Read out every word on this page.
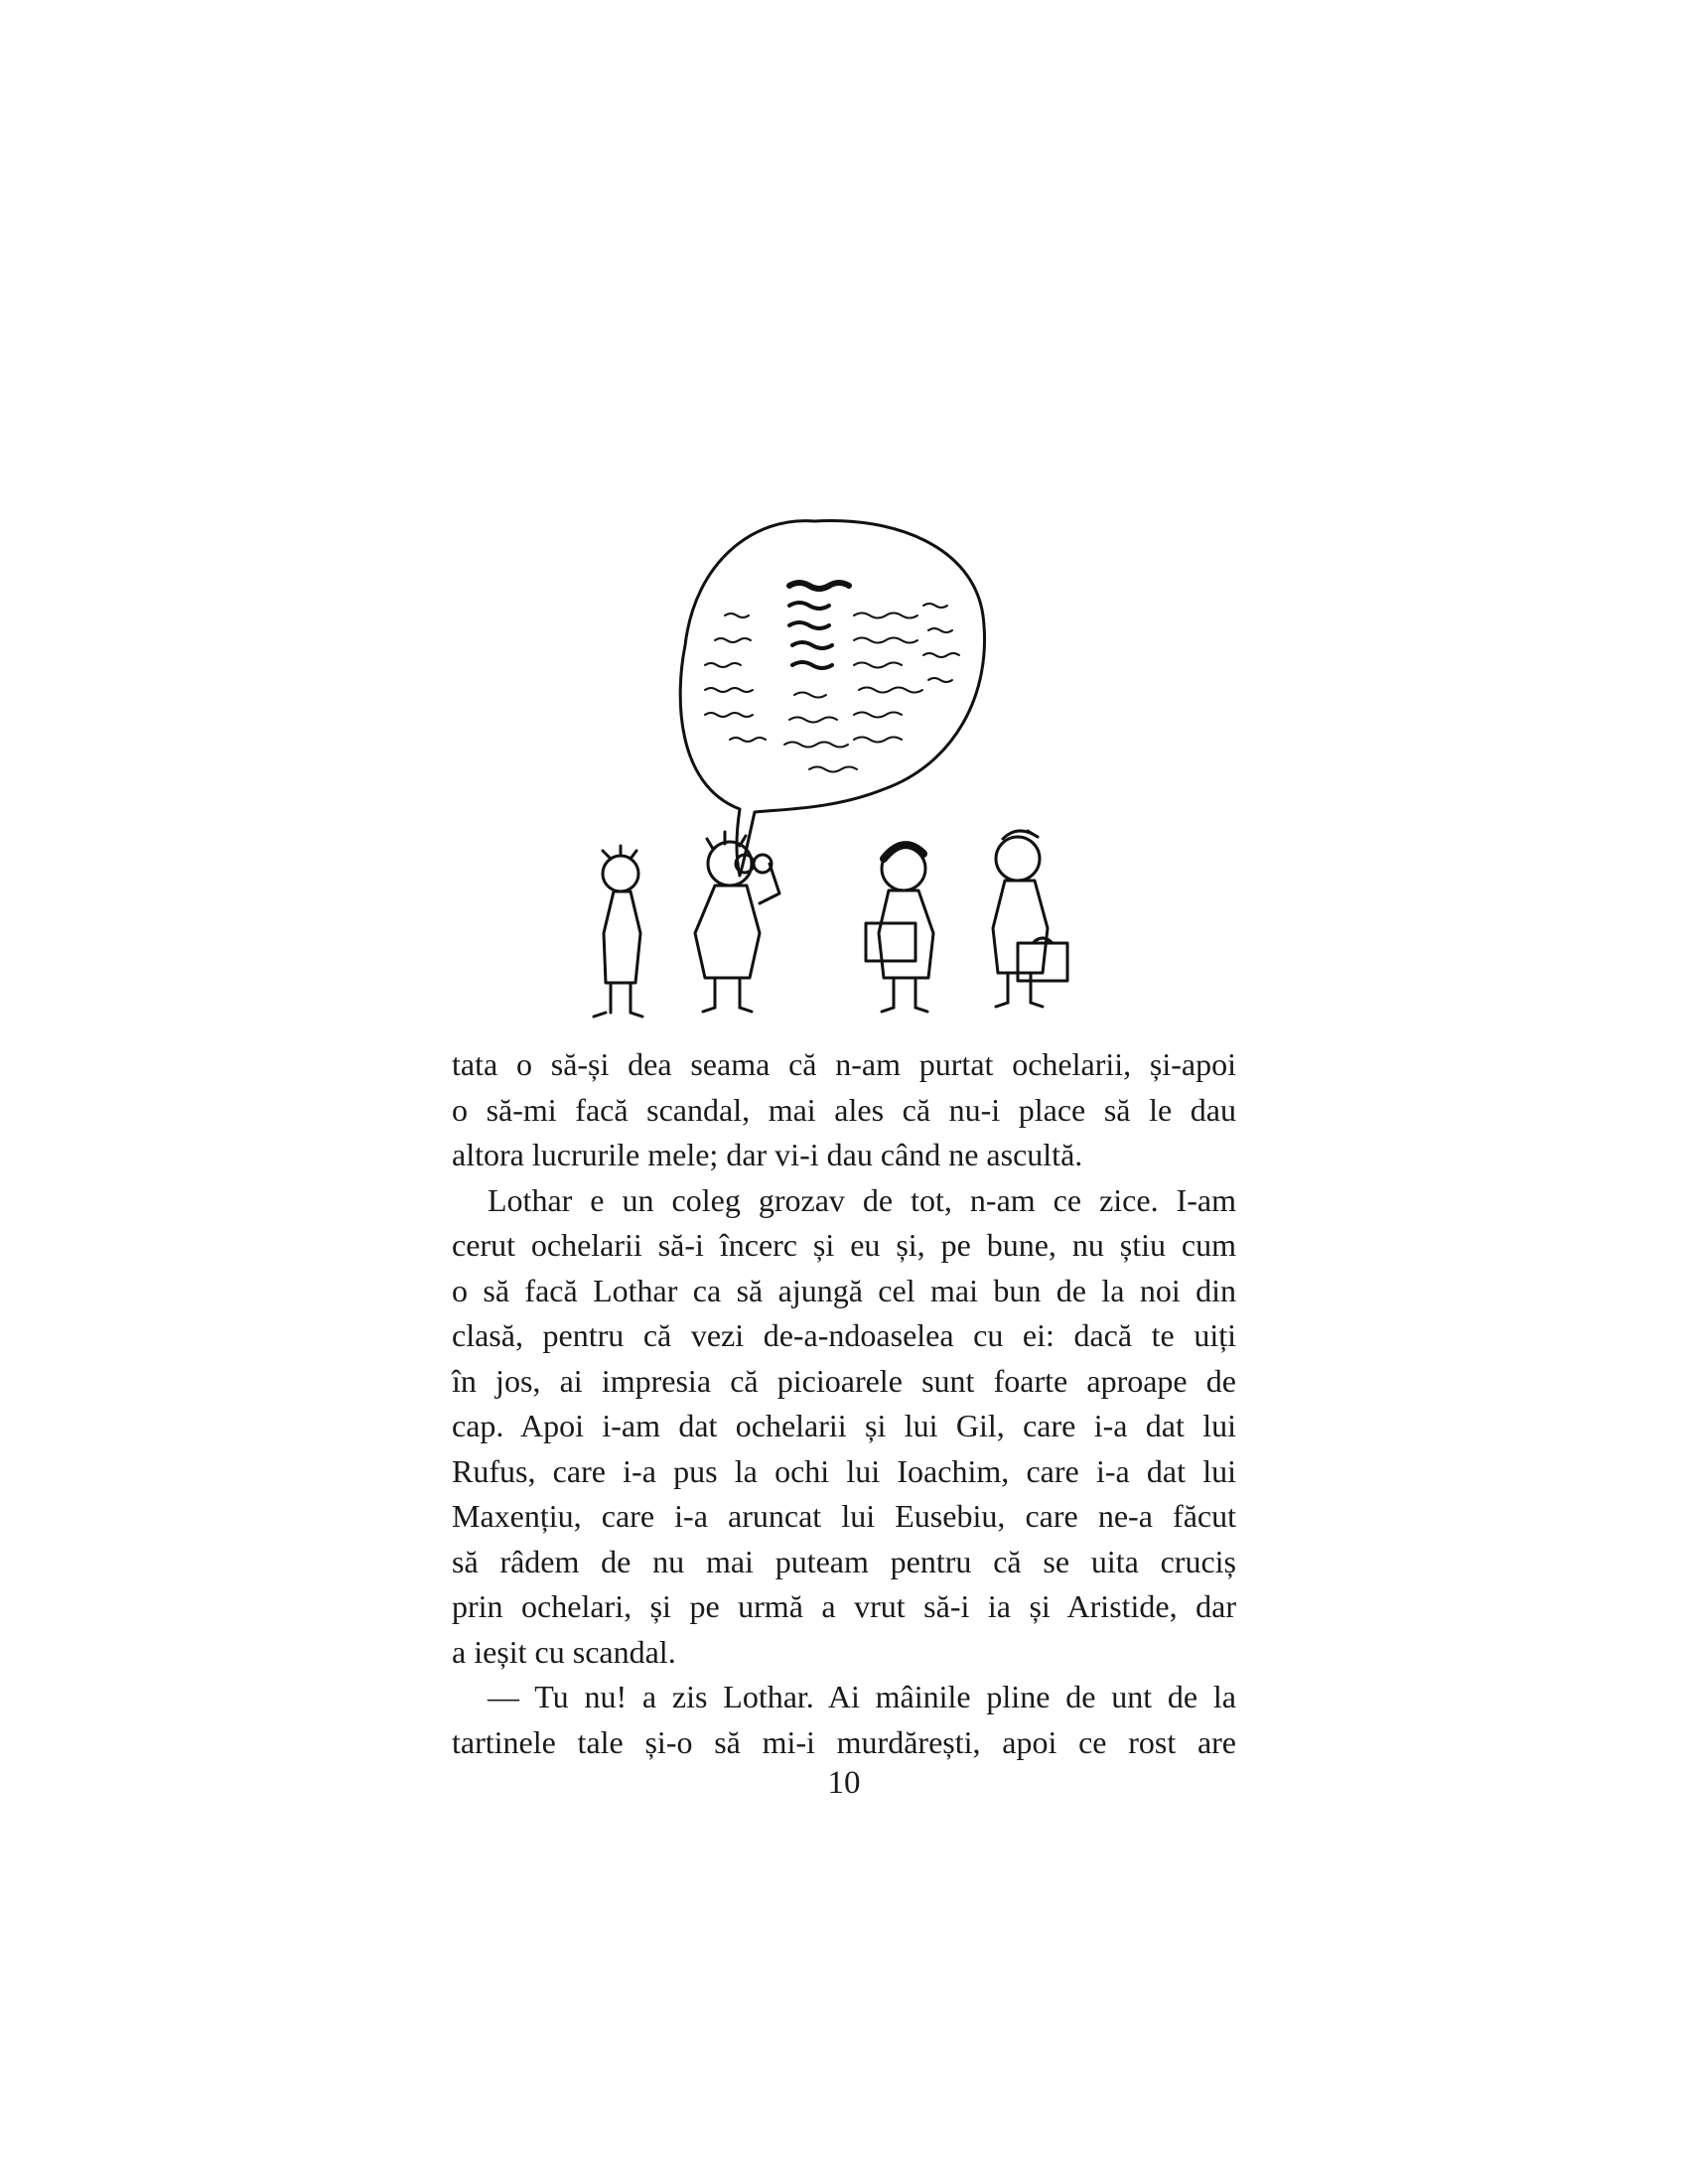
tata o să-și dea seama că n-am purtat ochelarii, și-apoi
o să-mi facă scandal, mai ales că nu-i place să le dau
altora lucrurile mele; dar vi-i dau când ne ascultă.
Lothar e un coleg grozav de tot, n-am ce zice. I-am
cerut ochelarii să-i încerc și eu și, pe bune, nu știu cum
o să facă Lothar ca să ajungă cel mai bun de la noi din
clasă, pentru că vezi de-a-ndoaselea cu ei: dacă te uiți
în jos, ai impresia că picioarele sunt foarte aproape de
cap. Apoi i-am dat ochelarii și lui Gil, care i-a dat lui
Rufus, care i-a pus la ochi lui Ioachim, care i-a dat lui
Maxențiu, care i-a aruncat lui Eusebiu, care ne-a făcut
să râdem de nu mai puteam pentru că se uita cruciș
prin ochelari, și pe urmă a vrut să-i ia și Aristide, dar
a ieșit cu scandal.
— Tu nu! a zis Lothar. Ai mâinile pline de unt de la
tartinele tale și-o să mi-i murdărești, apoi ce rost are
10
